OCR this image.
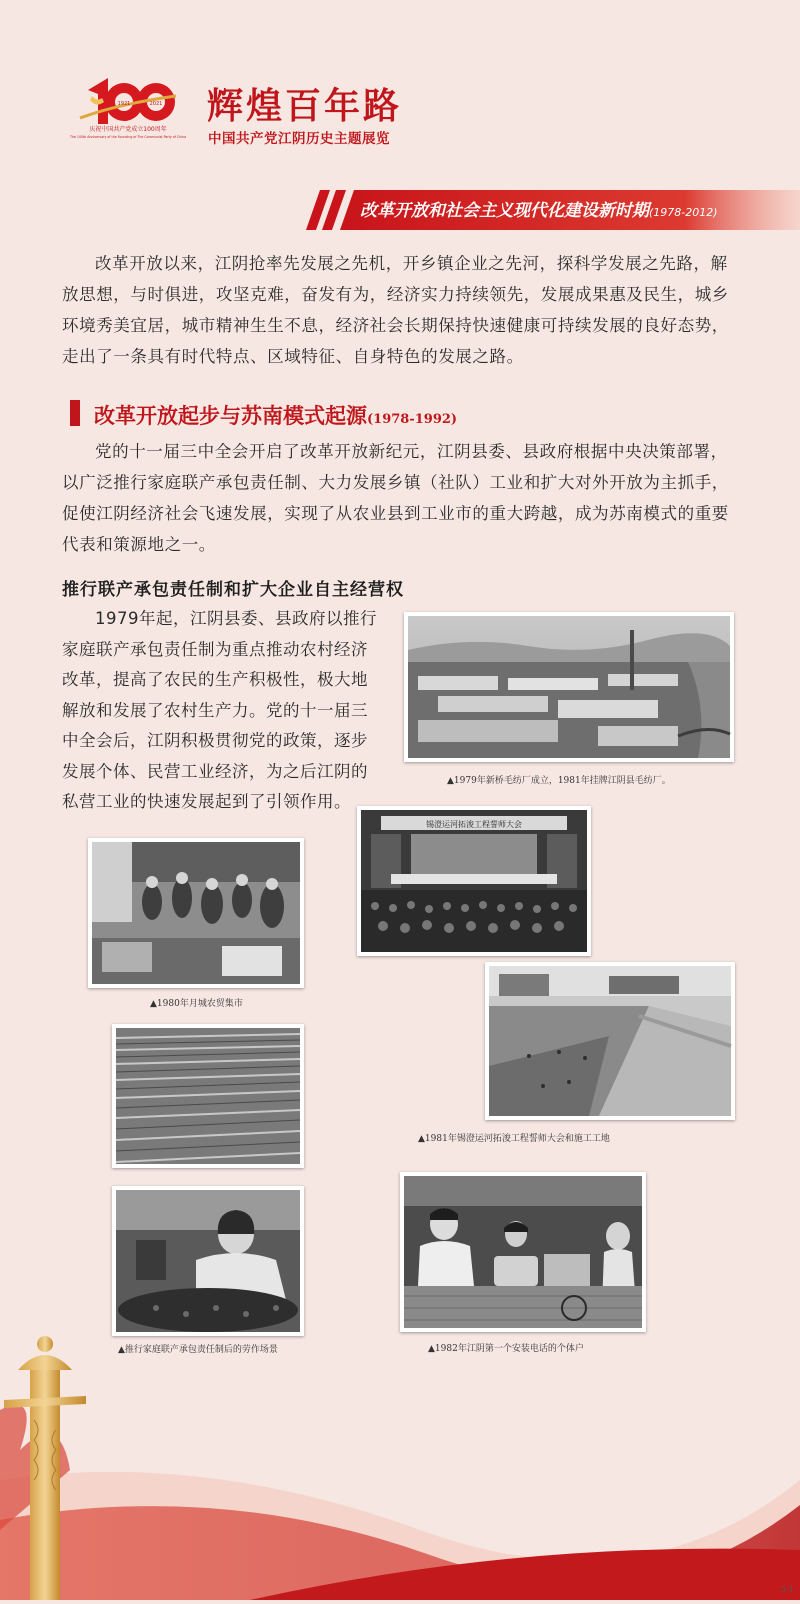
1921	2021
庆祝中国共产党成立100周年
The 100th Anniversary of the Founding of The Communist Party of China
辉煌百年路
中国共产党江阴历史主题展览
改革开放和社会主义现代化建设新时期(1978-2012)

改革开放以来，江阴抢率先发展之先机，开乡镇企业之先河，探科学发展之先路，解放思想，与时俱进，攻坚克难，奋发有为，经济实力持续领先，发展成果惠及民生，城乡环境秀美宜居，城市精神生生不息，经济社会长期保持快速健康可持续发展的良好态势，走出了一条具有时代特点、区域特征、自身特色的发展之路。

改革开放起步与苏南模式起源(1978-1992)

党的十一届三中全会开启了改革开放新纪元，江阴县委、县政府根据中央决策部署，以广泛推行家庭联产承包责任制、大力发展乡镇（社队）工业和扩大对外开放为主抓手，促使江阴经济社会飞速发展，实现了从农业县到工业市的重大跨越，成为苏南模式的重要代表和策源地之一。

推行联产承包责任制和扩大企业自主经营权

1979年起，江阴县委、县政府以推行家庭联产承包责任制为重点推动农村经济改革，提高了农民的生产积极性，极大地解放和发展了农村生产力。党的十一届三中全会后，江阴积极贯彻党的政策，逐步发展个体、民营工业经济，为之后江阴的私营工业的快速发展起到了引领作用。

▲1979年新桥毛纺厂成立，1981年挂牌江阴县毛纺厂。
锡澄运河拓浚工程誓师大会
▲1980年月城农贸集市
▲1981年锡澄运河拓浚工程誓师大会和施工工地
▲推行家庭联产承包责任制后的劳作场景	▲1982年江阴第一个安装电话的个体户
3-1
